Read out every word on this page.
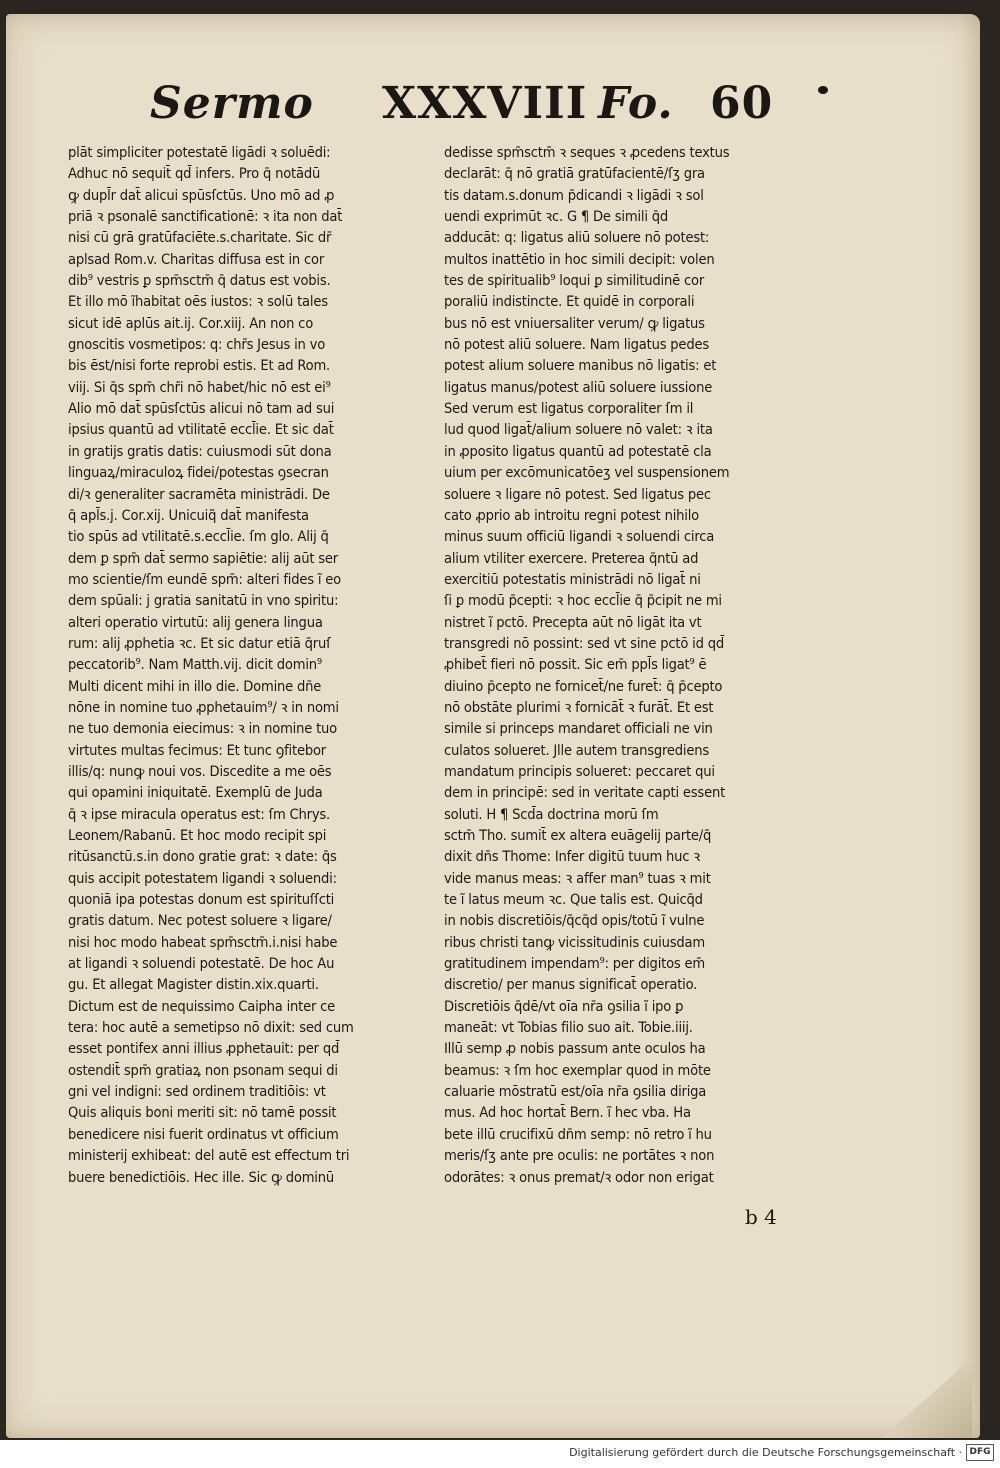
Sermo XXXVIII Fo. 60
plāt simpliciter potestatē ligādi ꝛ soluēdi:
Adhuc nō sequit̄ qd̄ infers. Pro q̄ notādū
ꝙ dupl̄r dat̄ alicui spūsſctūs. Uno mō ad ꝓ
priā ꝛ psonalē sanctificationē: ꝛ ita non dat̄
nisi cū grā gratūfaciēte.s.charitate. Sic dr̄
aplsad Rom.v. Charitas diffusa est in cor
dib⁹ vestris ꝑ spm̄sctm̄ q̄ datus est vobis.
Et illo mō ĩhabitat oēs iustos: ꝛ solū tales
sicut idē aplūs ait.ij. Cor.xiij. An non co
gnoscitis vosmetipos: q: chr̄s Jesus in vo
bis ēst/nisi forte reprobi estis. Et ad Rom.
viij. Si q̄s spm̄ chr̄i nō habet/hic nō est ei⁹
Alio mō dat̄ spūsſctūs alicui nō tam ad sui
ipsius quantū ad vtilitatē eccl̄ie. Et sic dat̄
in gratijs gratis datis: cuiusmodi sūt dona
linguaꝝ/miraculoꝝ fidei/potestas ꝯsecran
di/ꝛ generaliter sacramēta ministrādi. De
q̄ apl̄s.j. Cor.xij. Unicuiq͂ dat̄ manifesta
tio spūs ad vtilitatē.s.eccl̄ie. ſm glo. Alij q̄
dem ꝑ spm̄ dat̄ sermo sapiētie: alij aūt ser
mo scientie/ſm eundē spm̄: alteri fides ĩ eo
dem spūali: j gratia sanitatū in vno spiritu:
alteri operatio virtutū: alij genera lingua
rum: alij ꝓphetia ꝛc. Et sic datur etiā q̄ruſ
peccatorib⁹. Nam Matth.vij. dicit domin⁹
Multi dicent mihi in illo die. Domine dn̄e
nōne in nomine tuo ꝓphetauim⁹/ ꝛ in nomi
ne tuo demonia eiecimus: ꝛ in nomine tuo
virtutes multas fecimus: Et tunc ꝯfitebor
illis/q: nunꝙ noui vos. Discedite a me oēs
qui opamini iniquitatē. Exemplū de Juda
q̄ ꝛ ipse miracula operatus est: ſm Chrys.
Leonem/Rabanū. Et hoc modo recipit spi
ritūsanctū.s.in dono gratie grat: ꝛ date: q̄s
quis accipit potestatem ligandi ꝛ soluendi:
quoniā ipa potestas donum est spirituſſcti
gratis datum. Nec potest soluere ꝛ ligare/
nisi hoc modo habeat spm̄sctm̄.i.nisi habe
at ligandi ꝛ soluendi potestatē. De hoc Au
gu. Et allegat Magister distin.xix.quarti.
Dictum est de nequissimo Caipha inter ce
tera: hoc autē a semetipso nō dixit: sed cum
esset pontifex anni illius ꝓphetauit: per qd̄
ostendit̄ spm̄ gratiaꝝ non psonam sequi di
gni vel indigni: sed ordinem traditiōis: vt
Quis aliquis boni meriti sit: nō tamē possit
benedicere nisi fuerit ordinatus vt officium
ministerij exhibeat: del autē est effectum tri
buere benedictiōis. Hec ille. Sic ꝙ dominū
dedisse spm̄sctm̄ ꝛ seques ꝛ ꝓcedens textus
declarāt: q̄ nō gratiā gratūfacientē/ſʒ gra
tis datam.s.donum p̄dicandi ꝛ ligādi ꝛ sol
uendi exprimūt ꝛc. G ¶ De simili q̄d
adducāt: q: ligatus aliū soluere nō potest:
multos inattētio in hoc simili decipit: volen
tes de spiritualib⁹ loqui ꝑ similitudinē cor
poraliū indistincte. Et quidē in corporali
bus nō est vniuersaliter verum/ ꝙ ligatus
nō potest aliū soluere. Nam ligatus pedes
potest alium soluere manibus nō ligatis: et
ligatus manus/potest aliū soluere iussione
Sed verum est ligatus corporaliter ſm il
lud quod ligat̄/alium soluere nō valet: ꝛ ita
in ꝓposito ligatus quantū ad potestatē cla
uium per excōmunicatōeʒ vel suspensionem
soluere ꝛ ligare nō potest. Sed ligatus pec
cato ꝓprio ab introitu regni potest nihilo
minus suum officiū ligandi ꝛ soluendi circa
alium vtiliter exercere. Preterea q̄ntū ad
exercitiū potestatis ministrādi nō ligat̄ ni
ſi ꝑ modū p̄cepti: ꝛ hoc eccl̄ie q̄ p̄cipit ne mi
nistret ĩ pctō. Precepta aūt nō ligāt ita vt
transgredi nō possint: sed vt sine pctō id qd̄
ꝓhibet̄ fieri nō possit. Sic em̄ ppl̄s ligat⁹ ē
diuino p̄cepto ne fornicet̄/ne furet̄: q̄ p̄cepto
nō obstāte plurimi ꝛ fornicāt̄ ꝛ furāt̄. Et est
simile si princeps mandaret officiali ne vin
culatos solueret. Jlle autem transgrediens
mandatum principis solueret: peccaret qui
dem in principē: sed in veritate capti essent
soluti. H ¶ Scd̄a doctrina morū ſm
sctm̄ Tho. sumit̄ ex altera euāgelij parte/q̄
dixit dn̄s Thome: Infer digitū tuum huc ꝛ
vide manus meas: ꝛ affer man⁹ tuas ꝛ mit
te ĩ latus meum ꝛc. Que talis est. Quicq̄d
in nobis discretiōis/q̄cq̄d opis/totū ĩ vulne
ribus christi tanꝙ vicissitudinis cuiusdam
gratitudinem impendam⁹: per digitos em̄
discretio/ per manus significat̄ operatio.
Discretiōis q̄dē/vt oīa nr̄a ꝯsilia ĩ ipo ꝑ
maneāt: vt Tobias filio suo ait. Tobie.iiij.
Illū semp ꝓ nobis passum ante oculos ha
beamus: ꝛ ſm hoc exemplar quod in mōte
caluarie mōstratū est/oīa nr̄a ꝯsilia diriga
mus. Ad hoc hortat̄ Bern. ĩ hec vba. Ha
bete illū crucifixū dn̄m semp: nō retro ĩ hu
meris/ſʒ ante pre oculis: ne portātes ꝛ non
odorātes: ꝛ onus premat/ꝛ odor non erigat
b 4
Digitalisierung gefördert durch die Deutsche Forschungsgemeinschaft · DFG
